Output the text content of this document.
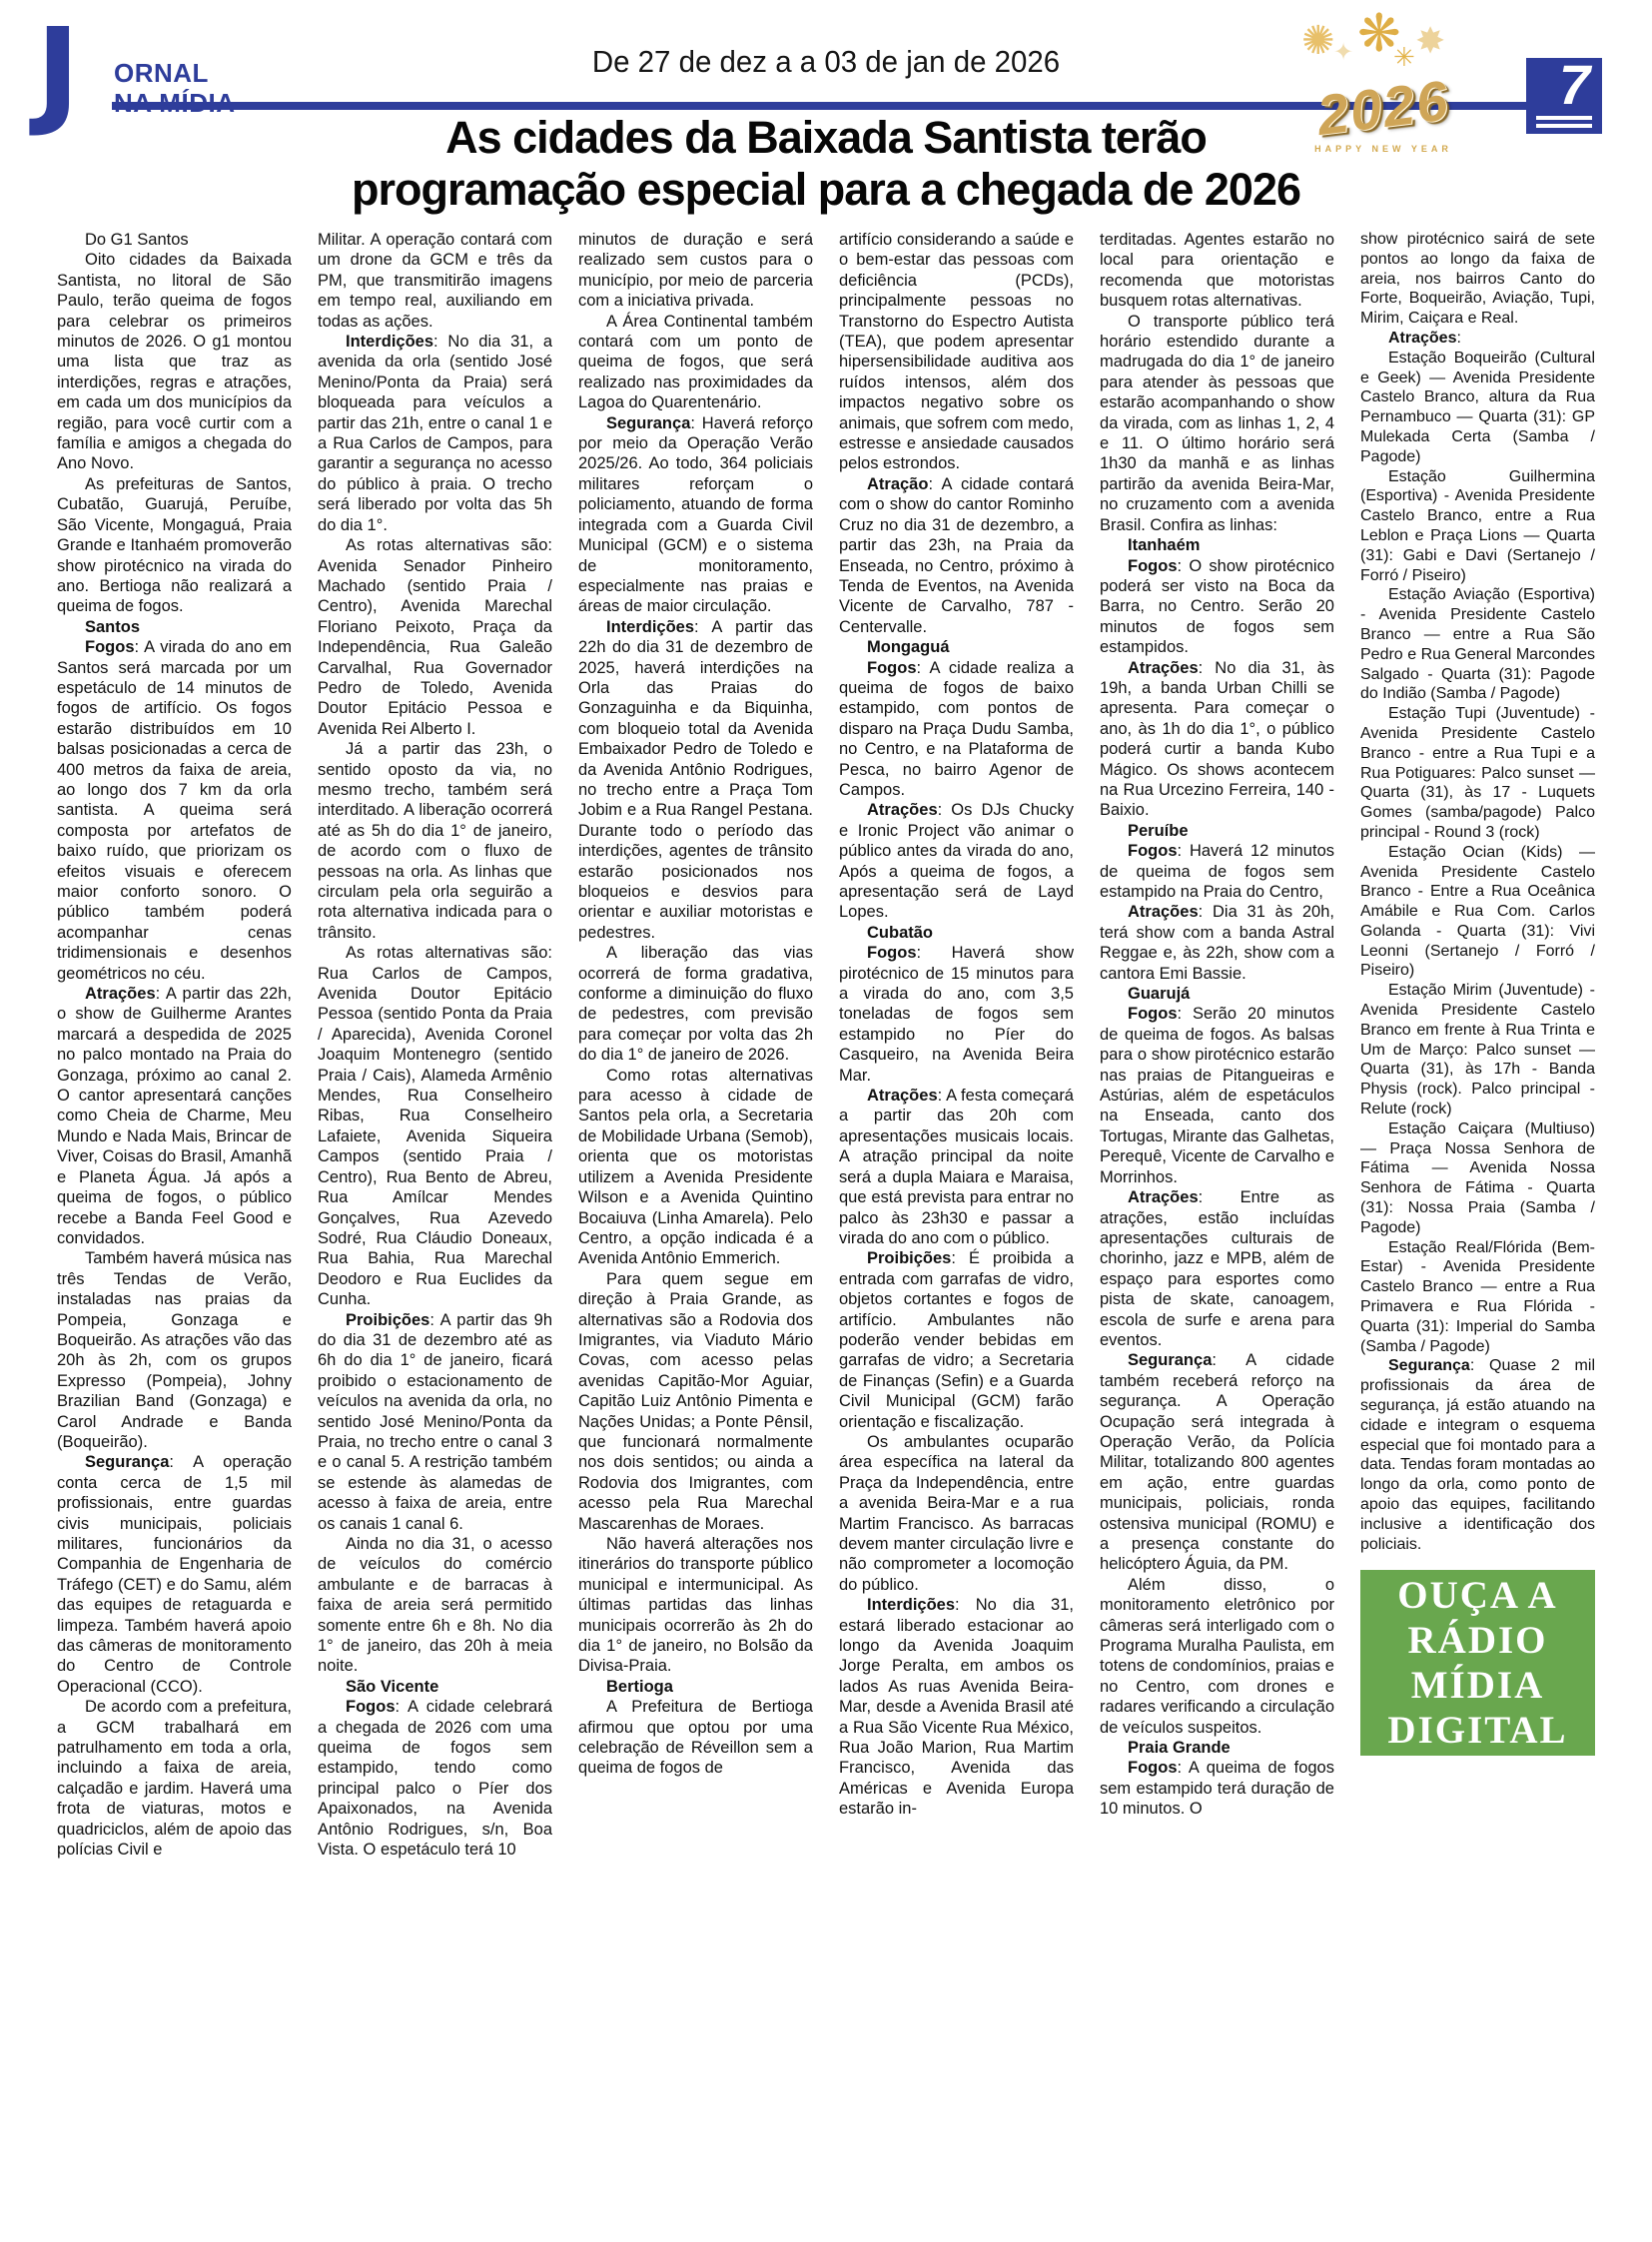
J ORNAL
NA MÍDIA
De 27 de dez a a 03 de jan de 2026	✺ ❋ ✸
✦ ✳
2026
HAPPY NEW YEAR
7
As cidades da Baixada Santista terão
programação especial para a chegada de 2026

Do G1 Santos

Oito cidades da Baixada Santista, no litoral de São Paulo, terão queima de fogos para celebrar os primeiros minutos de 2026. O g1 montou uma lista que traz as interdições, regras e atrações, em cada um dos municípios da região, para você curtir com a família e amigos a chegada do Ano Novo.

As prefeituras de Santos, Cubatão, Guarujá, Peruíbe, São Vicente, Mongaguá, Praia Grande e Itanhaém promoverão show pirotécnico na virada do ano. Bertioga não realizará a queima de fogos.

Santos

Fogos: A virada do ano em Santos será marcada por um espetáculo de 14 minutos de fogos de artifício. Os fogos estarão distribuídos em 10 balsas posicionadas a cerca de 400 metros da faixa de areia, ao longo dos 7 km da orla santista. A queima será composta por artefatos de baixo ruído, que priorizam os efeitos visuais e oferecem maior conforto sonoro. O público também poderá acompanhar cenas tridimensionais e desenhos geométricos no céu.

Atrações: A partir das 22h, o show de Guilherme Arantes marcará a despedida de 2025 no palco montado na Praia do Gonzaga, próximo ao canal 2. O cantor apresentará canções como Cheia de Charme, Meu Mundo e Nada Mais, Brincar de Viver, Coisas do Brasil, Amanhã e Planeta Água. Já após a queima de fogos, o público recebe a Banda Feel Good e convidados.

Também haverá música nas três Tendas de Verão, instaladas nas praias da Pompeia, Gonzaga e Boqueirão. As atrações vão das 20h às 2h, com os grupos Expresso (Pompeia), Johny Brazilian Band (Gonzaga) e Carol Andrade e Banda (Boqueirão).

Segurança: A operação conta cerca de 1,5 mil profissionais, entre guardas civis municipais, policiais militares, funcionários da Companhia de Engenharia de Tráfego (CET) e do Samu, além das equipes de retaguarda e limpeza. Também haverá apoio das câmeras de monitoramento do Centro de Controle Operacional (CCO).

De acordo com a prefeitura, a GCM trabalhará em patrulhamento em toda a orla, incluindo a faixa de areia, calçadão e jardim. Haverá uma frota de viaturas, motos e quadriciclos, além de apoio das polícias Civil e

Militar. A operação contará com um drone da GCM e três da PM, que transmitirão imagens em tempo real, auxiliando em todas as ações.

Interdições: No dia 31, a avenida da orla (sentido José Menino/Ponta da Praia) será bloqueada para veículos a partir das 21h, entre o canal 1 e a Rua Carlos de Campos, para garantir a segurança no acesso do público à praia. O trecho será liberado por volta das 5h do dia 1°.

As rotas alternativas são: Avenida Senador Pinheiro Machado (sentido Praia / Centro), Avenida Marechal Floriano Peixoto, Praça da Independência, Rua Galeão Carvalhal, Rua Governador Pedro de Toledo, Avenida Doutor Epitácio Pessoa e Avenida Rei Alberto I.

Já a partir das 23h, o sentido oposto da via, no mesmo trecho, também será interditado. A liberação ocorrerá até as 5h do dia 1° de janeiro, de acordo com o fluxo de pessoas na orla. As linhas que circulam pela orla seguirão a rota alternativa indicada para o trânsito.

As rotas alternativas são: Rua Carlos de Campos, Avenida Doutor Epitácio Pessoa (sentido Ponta da Praia / Aparecida), Avenida Coronel Joaquim Montenegro (sentido Praia / Cais), Alameda Armênio Mendes, Rua Conselheiro Ribas, Rua Conselheiro Lafaiete, Avenida Siqueira Campos (sentido Praia / Centro), Rua Bento de Abreu, Rua Amílcar Mendes Gonçalves, Rua Azevedo Sodré, Rua Cláudio Doneaux, Rua Bahia, Rua Marechal Deodoro e Rua Euclides da Cunha.

Proibições: A partir das 9h do dia 31 de dezembro até as 6h do dia 1° de janeiro, ficará proibido o estacionamento de veículos na avenida da orla, no sentido José Menino/Ponta da Praia, no trecho entre o canal 3 e o canal 5. A restrição também se estende às alamedas de acesso à faixa de areia, entre os canais 1 canal 6.

Ainda no dia 31, o acesso de veículos do comércio ambulante e de barracas à faixa de areia será permitido somente entre 6h e 8h. No dia 1° de janeiro, das 20h à meia noite.

São Vicente

Fogos: A cidade celebrará a chegada de 2026 com uma queima de fogos sem estampido, tendo como principal palco o Píer dos Apaixonados, na Avenida Antônio Rodrigues, s/n, Boa Vista. O espetáculo terá 10

minutos de duração e será realizado sem custos para o município, por meio de parceria com a iniciativa privada.

A Área Continental também contará com um ponto de queima de fogos, que será realizado nas proximidades da Lagoa do Quarentenário.

Segurança: Haverá reforço por meio da Operação Verão 2025/26. Ao todo, 364 policiais militares reforçam o policiamento, atuando de forma integrada com a Guarda Civil Municipal (GCM) e o sistema de monitoramento, especialmente nas praias e áreas de maior circulação.

Interdições: A partir das 22h do dia 31 de dezembro de 2025, haverá interdições na Orla das Praias do Gonzaguinha e da Biquinha, com bloqueio total da Avenida Embaixador Pedro de Toledo e da Avenida Antônio Rodrigues, no trecho entre a Praça Tom Jobim e a Rua Rangel Pestana. Durante todo o período das interdições, agentes de trânsito estarão posicionados nos bloqueios e desvios para orientar e auxiliar motoristas e pedestres.

A liberação das vias ocorrerá de forma gradativa, conforme a diminuição do fluxo de pedestres, com previsão para começar por volta das 2h do dia 1° de janeiro de 2026.

Como rotas alternativas para acesso à cidade de Santos pela orla, a Secretaria de Mobilidade Urbana (Semob), orienta que os motoristas utilizem a Avenida Presidente Wilson e a Avenida Quintino Bocaiuva (Linha Amarela). Pelo Centro, a opção indicada é a Avenida Antônio Emmerich.

Para quem segue em direção à Praia Grande, as alternativas são a Rodovia dos Imigrantes, via Viaduto Mário Covas, com acesso pelas avenidas Capitão-Mor Aguiar, Capitão Luiz Antônio Pimenta e Nações Unidas; a Ponte Pênsil, que funcionará normalmente nos dois sentidos; ou ainda a Rodovia dos Imigrantes, com acesso pela Rua Marechal Mascarenhas de Moraes.

Não haverá alterações nos itinerários do transporte público municipal e intermunicipal. As últimas partidas das linhas municipais ocorrerão às 2h do dia 1° de janeiro, no Bolsão da Divisa-Praia.

Bertioga

A Prefeitura de Bertioga afirmou que optou por uma celebração de Réveillon sem a queima de fogos de

artifício considerando a saúde e o bem-estar das pessoas com deficiência (PCDs), principalmente pessoas no Transtorno do Espectro Autista (TEA), que podem apresentar hipersensibilidade auditiva aos ruídos intensos, além dos impactos negativo sobre os animais, que sofrem com medo, estresse e ansiedade causados pelos estrondos.

Atração: A cidade contará com o show do cantor Rominho Cruz no dia 31 de dezembro, a partir das 23h, na Praia da Enseada, no Centro, próximo à Tenda de Eventos, na Avenida Vicente de Carvalho, 787 - Centervalle.

Mongaguá

Fogos: A cidade realiza a queima de fogos de baixo estampido, com pontos de disparo na Praça Dudu Samba, no Centro, e na Plataforma de Pesca, no bairro Agenor de Campos.

Atrações: Os DJs Chucky e Ironic Project vão animar o público antes da virada do ano, Após a queima de fogos, a apresentação será de Layd Lopes.

Cubatão

Fogos: Haverá show pirotécnico de 15 minutos para a virada do ano, com 3,5 toneladas de fogos sem estampido no Píer do Casqueiro, na Avenida Beira Mar.

Atrações: A festa começará a partir das 20h com apresentações musicais locais. A atração principal da noite será a dupla Maiara e Maraisa, que está prevista para entrar no palco às 23h30 e passar a virada do ano com o público.

Proibições: É proibida a entrada com garrafas de vidro, objetos cortantes e fogos de artifício. Ambulantes não poderão vender bebidas em garrafas de vidro; a Secretaria de Finanças (Sefin) e a Guarda Civil Municipal (GCM) farão orientação e fiscalização.

Os ambulantes ocuparão área específica na lateral da Praça da Independência, entre a avenida Beira-Mar e a rua Martim Francisco. As barracas devem manter circulação livre e não comprometer a locomoção do público.

Interdições: No dia 31, estará liberado estacionar ao longo da Avenida Joaquim Jorge Peralta, em ambos os lados As ruas Avenida Beira-Mar, desde a Avenida Brasil até a Rua São Vicente Rua México, Rua João Marion, Rua Martim Francisco, Avenida das Américas e Avenida Europa estarão in-

terditadas. Agentes estarão no local para orientação e recomenda que motoristas busquem rotas alternativas.

O transporte público terá horário estendido durante a madrugada do dia 1° de janeiro para atender às pessoas que estarão acompanhando o show da virada, com as linhas 1, 2, 4 e 11. O último horário será 1h30 da manhã e as linhas partirão da avenida Beira-Mar, no cruzamento com a avenida Brasil. Confira as linhas:

Itanhaém

Fogos: O show pirotécnico poderá ser visto na Boca da Barra, no Centro. Serão 20 minutos de fogos sem estampidos.

Atrações: No dia 31, às 19h, a banda Urban Chilli se apresenta. Para começar o ano, às 1h do dia 1°, o público poderá curtir a banda Kubo Mágico. Os shows acontecem na Rua Urcezino Ferreira, 140 - Baixio.

Peruíbe

Fogos: Haverá 12 minutos de queima de fogos sem estampido na Praia do Centro,

Atrações: Dia 31 às 20h, terá show com a banda Astral Reggae e, às 22h, show com a cantora Emi Bassie.

Guarujá

Fogos: Serão 20 minutos de queima de fogos. As balsas para o show pirotécnico estarão nas praias de Pitangueiras e Astúrias, além de espetáculos na Enseada, canto dos Tortugas, Mirante das Galhetas, Perequê, Vicente de Carvalho e Morrinhos.

Atrações: Entre as atrações, estão incluídas apresentações culturais de chorinho, jazz e MPB, além de espaço para esportes como pista de skate, canoagem, escola de surfe e arena para eventos.

Segurança: A cidade também receberá reforço na segurança. A Operação Ocupação será integrada à Operação Verão, da Polícia Militar, totalizando 800 agentes em ação, entre guardas municipais, policiais, ronda ostensiva municipal (ROMU) e a presença constante do helicóptero Águia, da PM.

Além disso, o monitoramento eletrônico por câmeras será interligado com o Programa Muralha Paulista, em totens de condomínios, praias e no Centro, com drones e radares verificando a circulação de veículos suspeitos.

Praia Grande

Fogos: A queima de fogos sem estampido terá duração de 10 minutos. O

show pirotécnico sairá de sete pontos ao longo da faixa de areia, nos bairros Canto do Forte, Boqueirão, Aviação, Tupi, Mirim, Caiçara e Real.

Atrações:

Estação Boqueirão (Cultural e Geek) — Avenida Presidente Castelo Branco, altura da Rua Pernambuco — Quarta (31): GP Mulekada Certa (Samba / Pagode)

Estação Guilhermina (Esportiva) - Avenida Presidente Castelo Branco, entre a Rua Leblon e Praça Lions — Quarta (31): Gabi e Davi (Sertanejo / Forró / Piseiro)

Estação Aviação (Esportiva) - Avenida Presidente Castelo Branco — entre a Rua São Pedro e Rua General Marcondes Salgado - Quarta (31): Pagode do Indião (Samba / Pagode)

Estação Tupi (Juventude) - Avenida Presidente Castelo Branco - entre a Rua Tupi e a Rua Potiguares: Palco sunset — Quarta (31), às 17 - Luquets Gomes (samba/pagode) Palco principal - Round 3 (rock)

Estação Ocian (Kids) — Avenida Presidente Castelo Branco - Entre a Rua Oceânica Amábile e Rua Com. Carlos Golanda - Quarta (31): Vivi Leonni (Sertanejo / Forró / Piseiro)

Estação Mirim (Juventude) - Avenida Presidente Castelo Branco em frente à Rua Trinta e Um de Março: Palco sunset — Quarta (31), às 17h - Banda Physis (rock). Palco principal - Relute (rock)

Estação Caiçara (Multiuso) — Praça Nossa Senhora de Fátima — Avenida Nossa Senhora de Fátima - Quarta (31): Nossa Praia (Samba / Pagode)

Estação Real/Flórida (Bem-Estar) - Avenida Presidente Castelo Branco — entre a Rua Primavera e Rua Flórida - Quarta (31): Imperial do Samba (Samba / Pagode)

Segurança: Quase 2 mil profissionais da área de segurança, já estão atuando na cidade e integram o esquema especial que foi montado para a data. Tendas foram montadas ao longo da orla, como ponto de apoio das equipes, facilitando inclusive a identificação dos policiais.

OUÇA A
RÁDIO
MÍDIA
DIGITAL
